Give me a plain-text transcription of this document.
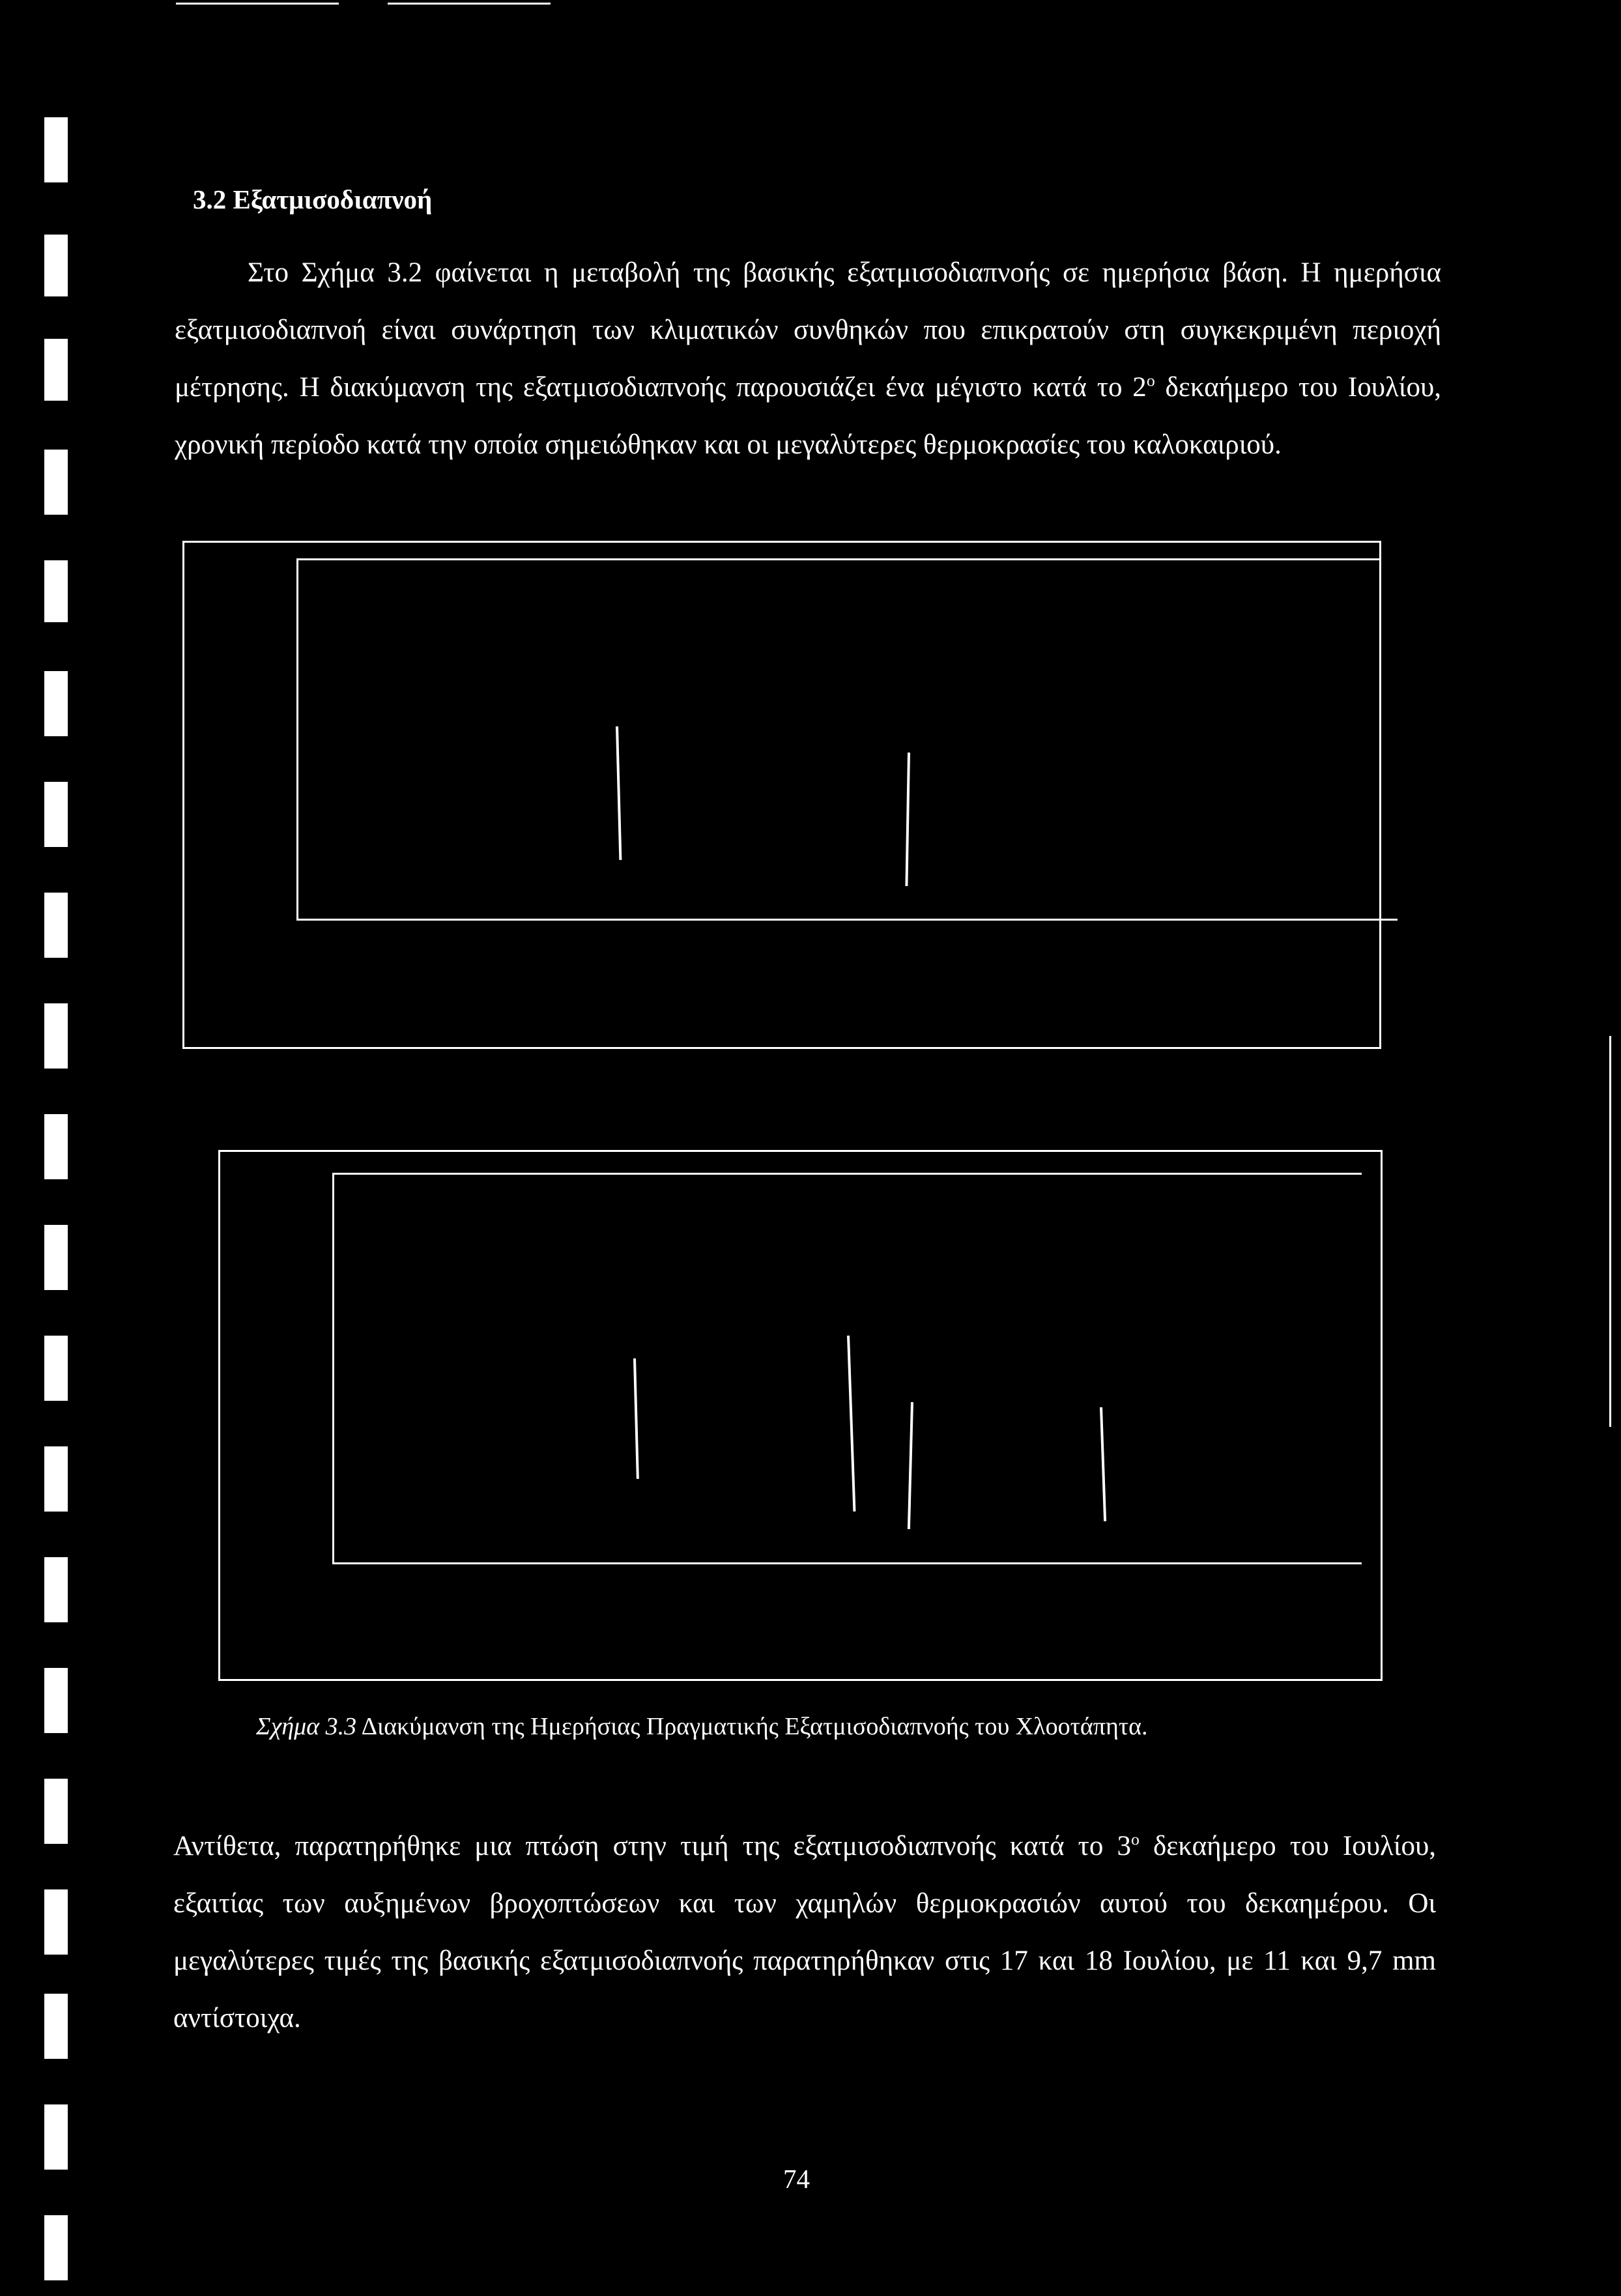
3.2 Εξατμισοδιαπνοή

Στο Σχήμα 3.2 φαίνεται η μεταβολή της βασικής εξατμισοδιαπνοής σε ημερήσια βάση. Η ημερήσια εξατμισοδιαπνοή είναι συνάρτηση των κλιματικών συνθηκών που επικρατούν στη συγκεκριμένη περιοχή μέτρησης. Η διακύμανση της εξατμισοδιαπνοής παρουσιάζει ένα μέγιστο κατά το $2^o$ δεκαήμερο του Ιουλίου, χρονική περίοδο κατά την οποία σημειώθηκαν και οι μεγαλύτερες θερμοκρασίες του καλοκαιριού.

Σχήμα 3.3 Διακύμανση της Ημερήσιας Πραγματικής Εξατμισοδιαπνοής του Χλοοτάπητα.

Αντίθετα, παρατηρήθηκε μια πτώση στην τιμή της εξατμισοδιαπνοής κατά το $3^o$ δεκαήμερο του Ιουλίου, εξαιτίας των αυξημένων βροχοπτώσεων και των χαμηλών θερμοκρασιών αυτού του δεκαημέρου. Οι μεγαλύτερες τιμές της βασικής εξατμισοδιαπνοής παρατηρήθηκαν στις 17 και 18 Ιουλίου, με 11 και 9,7 mm αντίστοιχα.

74
